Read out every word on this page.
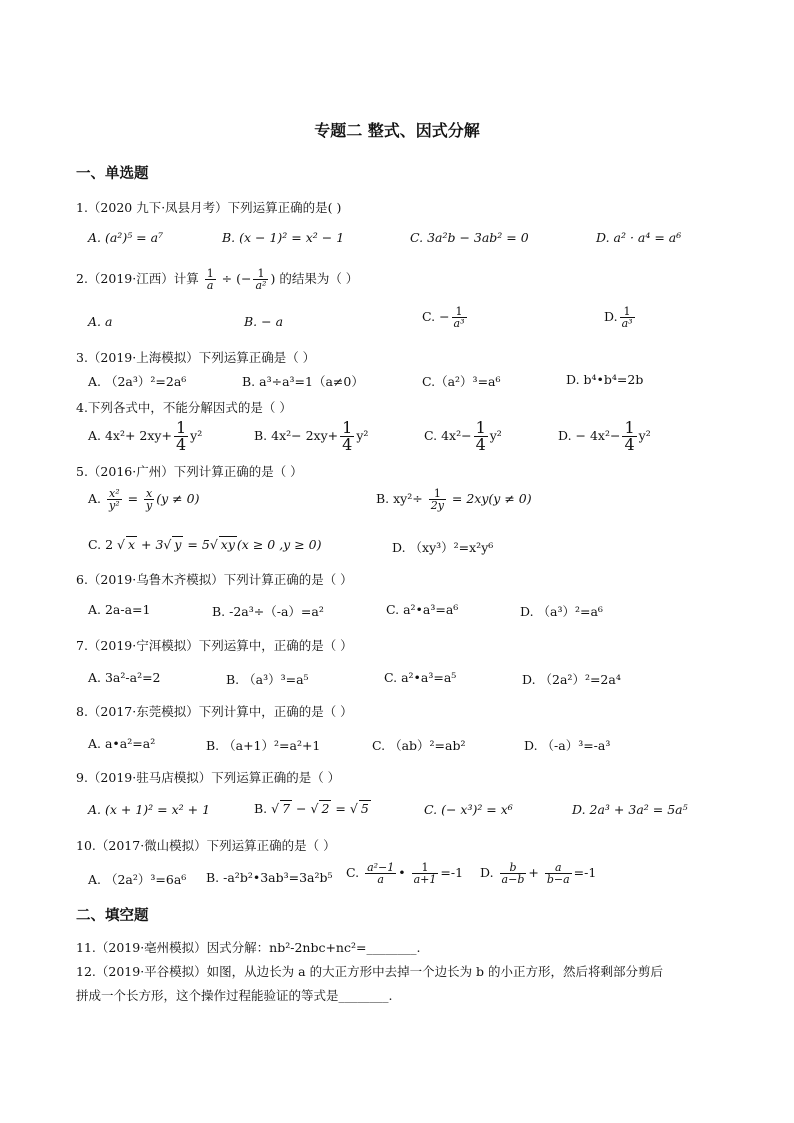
专题二 整式、因式分解
一、单选题
1.（2020 九下·凤县月考）下列运算正确的是( )
A. (a²)⁵ = a⁷	B. (x − 1)² = x² − 1	C. 3a²b − 3ab² = 0	D. a² · a⁴ = a⁶
2.（2019·江西）计算 $\frac{1}{a}$ ÷ (− $\frac{1}{\text{a²}}$ ) 的结果为（ ）
A. a	B. − a	C. − $\frac{1}{\text{a³}}$	D. $\frac{1}{\text{a³}}$
3.（2019·上海模拟）下列运算正确是（ ）
A. （2a³）²=2a⁶	B. a³÷a³=1（a≠0）	C.（a²）³=a⁶	D. b⁴•b⁴=2b
4.下列各式中，不能分解因式的是（ ）
A. $4x^2+ 2xy+ \frac{1}{4} y^2$	B. $4x^2- 2xy+ \frac{1}{4} y^2$	C. $4x^2- \frac{1}{4} y^2$	D. − $4x^2- \frac{1}{4} y^2$
5.（2016·广州）下列计算正确的是（ ）
A. $\frac{\text{x²}}{\text{y²}} = \frac{x}{y} (y \ne 0)$	B. $xy^2\div \frac{1}{2y} = 2xy(y \ne 0)$
C. 2 √ x + 3√ y = 5√ xy (x ≥ 0 ,y ≥ 0)	D. （xy³）²=x²y⁶
6.（2019·乌鲁木齐模拟）下列计算正确的是（ ）
A. 2a-a=1	B. -2a³÷（-a）=a²	C. a²•a³=a⁶	D. （a³）²=a⁶
7.（2019·宁洱模拟）下列运算中，正确的是（ ）
A. 3a²-a²=2	B. （a³）³=a⁵	C. a²•a³=a⁵	D. （2a²）²=2a⁴
8.（2017·东莞模拟）下列计算中，正确的是（ ）
A. a•a²=a²	B. （a+1）²=a²+1	C. （ab）²=ab²	D. （-a）³=-a³
9.（2019·驻马店模拟）下列运算正确的是（ ）
A. (x + 1)² = x² + 1	B. √ 7 − √ 2 = √ 5	C. (− x³)² = x⁶	D. 2a³ + 3a² = 5a⁵
10.（2017·微山模拟）下列运算正确的是（ ）
A. （2a²）³=6a⁶ B. -a²b²•3ab³=3a²b⁵ C. $\frac{\text{a²−1}}{a}$ • $\frac{1}{a+1} =-1$ D. $\frac{b}{a-b} + \frac{a}{b-a} =-1$
二、填空题
11.（2019·亳州模拟）因式分解：nb²-2nbc+nc²=________.
12.（2019·平谷模拟）如图，从边长为 a 的大正方形中去掉一个边长为 b 的小正方形，然后将剩部分剪后
拼成一个长方形，这个操作过程能验证的等式是________.
